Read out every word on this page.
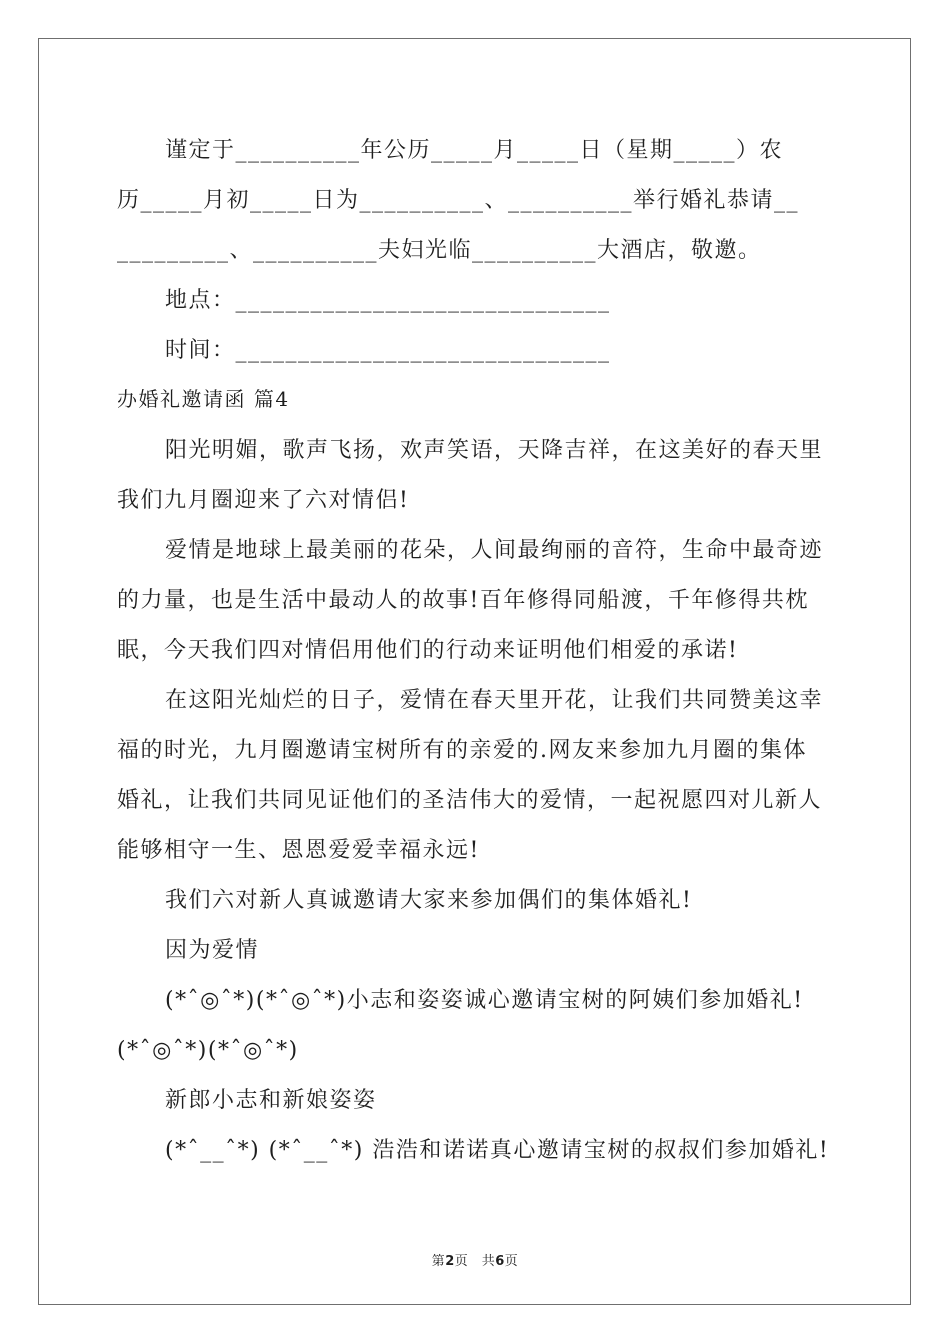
谨定于__________年公历_____月_____日（星期_____）农
历_____月初_____日为__________、__________举行婚礼恭请__
_________、__________夫妇光临__________大酒店，敬邀。
地点：______________________________
时间：______________________________
办婚礼邀请函 篇4
阳光明媚，歌声飞扬，欢声笑语，天降吉祥，在这美好的春天里
我们九月圈迎来了六对情侣!
爱情是地球上最美丽的花朵，人间最绚丽的音符，生命中最奇迹
的力量，也是生活中最动人的故事!百年修得同船渡，千年修得共枕
眠，今天我们四对情侣用他们的行动来证明他们相爱的承诺!
在这阳光灿烂的日子，爱情在春天里开花，让我们共同赞美这幸
福的时光，九月圈邀请宝树所有的亲爱的.网友来参加九月圈的集体
婚礼，让我们共同见证他们的圣洁伟大的爱情，一起祝愿四对儿新人
能够相守一生、恩恩爱爱幸福永远!
我们六对新人真诚邀请大家来参加偶们的集体婚礼!
因为爱情
(*ˆ◎ˆ*)(*ˆ◎ˆ*)小志和姿姿诚心邀请宝树的阿姨们参加婚礼!
(*ˆ◎ˆ*)(*ˆ◎ˆ*)
新郎小志和新娘姿姿
(*ˆ__ˆ*) (*ˆ__ˆ*) 浩浩和诺诺真心邀请宝树的叔叔们参加婚礼!
第2页　共6页
